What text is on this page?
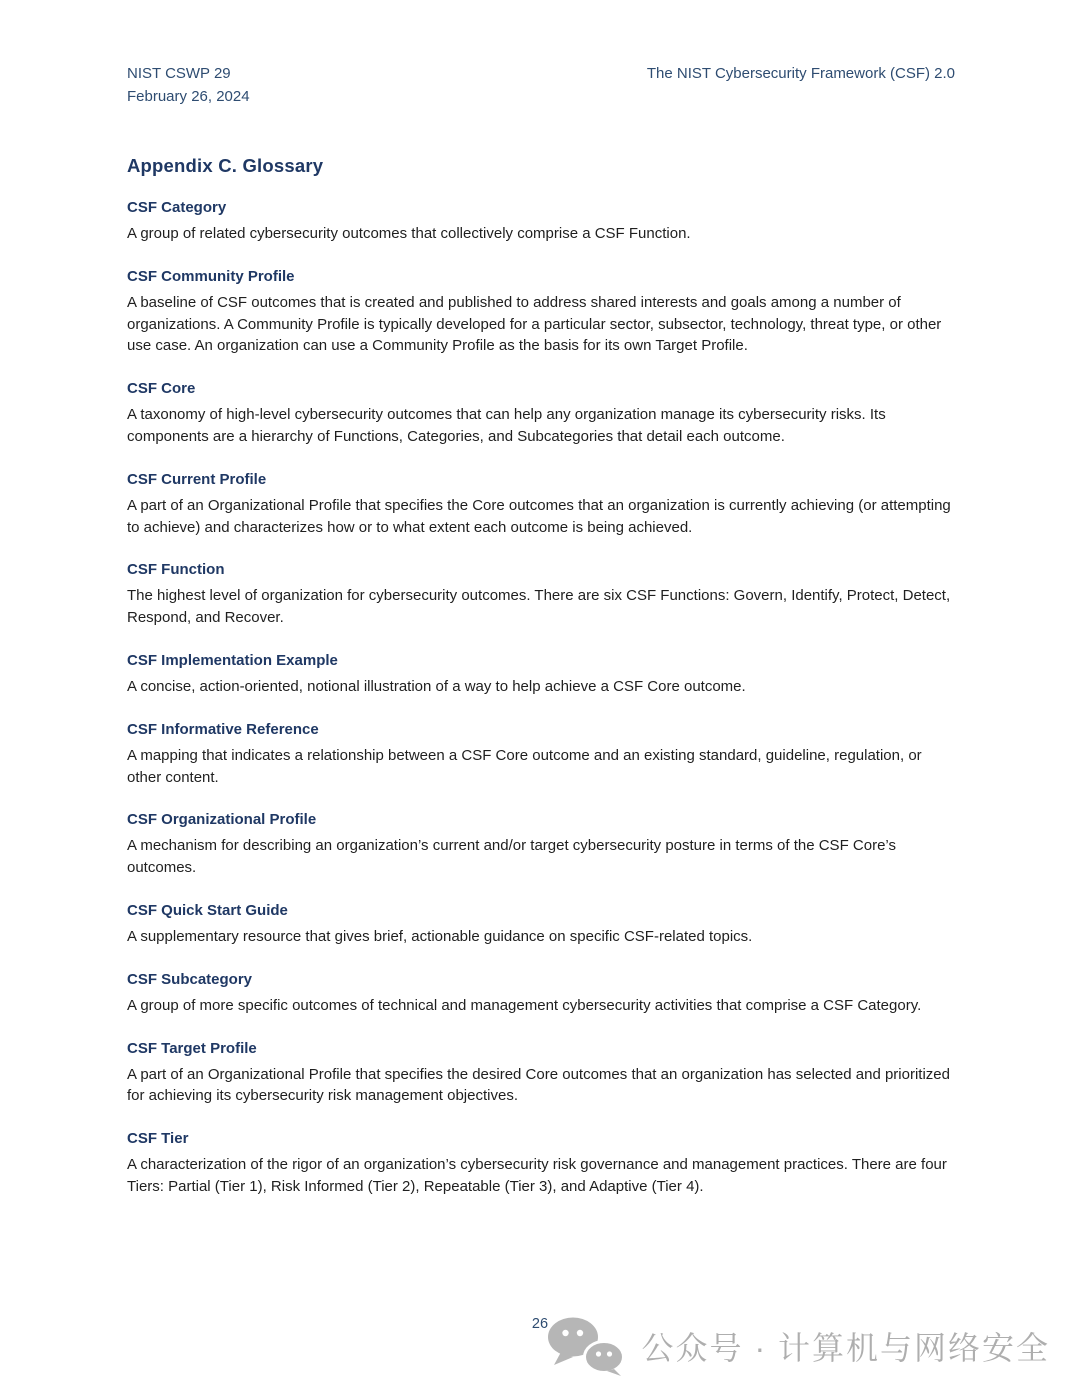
NIST CSWP 29
February 26, 2024
The NIST Cybersecurity Framework (CSF) 2.0
Appendix C. Glossary
CSF Category
A group of related cybersecurity outcomes that collectively comprise a CSF Function.
CSF Community Profile
A baseline of CSF outcomes that is created and published to address shared interests and goals among a number of organizations. A Community Profile is typically developed for a particular sector, subsector, technology, threat type, or other use case. An organization can use a Community Profile as the basis for its own Target Profile.
CSF Core
A taxonomy of high-level cybersecurity outcomes that can help any organization manage its cybersecurity risks. Its components are a hierarchy of Functions, Categories, and Subcategories that detail each outcome.
CSF Current Profile
A part of an Organizational Profile that specifies the Core outcomes that an organization is currently achieving (or attempting to achieve) and characterizes how or to what extent each outcome is being achieved.
CSF Function
The highest level of organization for cybersecurity outcomes. There are six CSF Functions: Govern, Identify, Protect, Detect, Respond, and Recover.
CSF Implementation Example
A concise, action-oriented, notional illustration of a way to help achieve a CSF Core outcome.
CSF Informative Reference
A mapping that indicates a relationship between a CSF Core outcome and an existing standard, guideline, regulation, or other content.
CSF Organizational Profile
A mechanism for describing an organization’s current and/or target cybersecurity posture in terms of the CSF Core’s outcomes.
CSF Quick Start Guide
A supplementary resource that gives brief, actionable guidance on specific CSF-related topics.
CSF Subcategory
A group of more specific outcomes of technical and management cybersecurity activities that comprise a CSF Category.
CSF Target Profile
A part of an Organizational Profile that specifies the desired Core outcomes that an organization has selected and prioritized for achieving its cybersecurity risk management objectives.
CSF Tier
A characterization of the rigor of an organization’s cybersecurity risk governance and management practices. There are four Tiers: Partial (Tier 1), Risk Informed (Tier 2), Repeatable (Tier 3), and Adaptive (Tier 4).
26
公众号 · 计算机与网络安全
